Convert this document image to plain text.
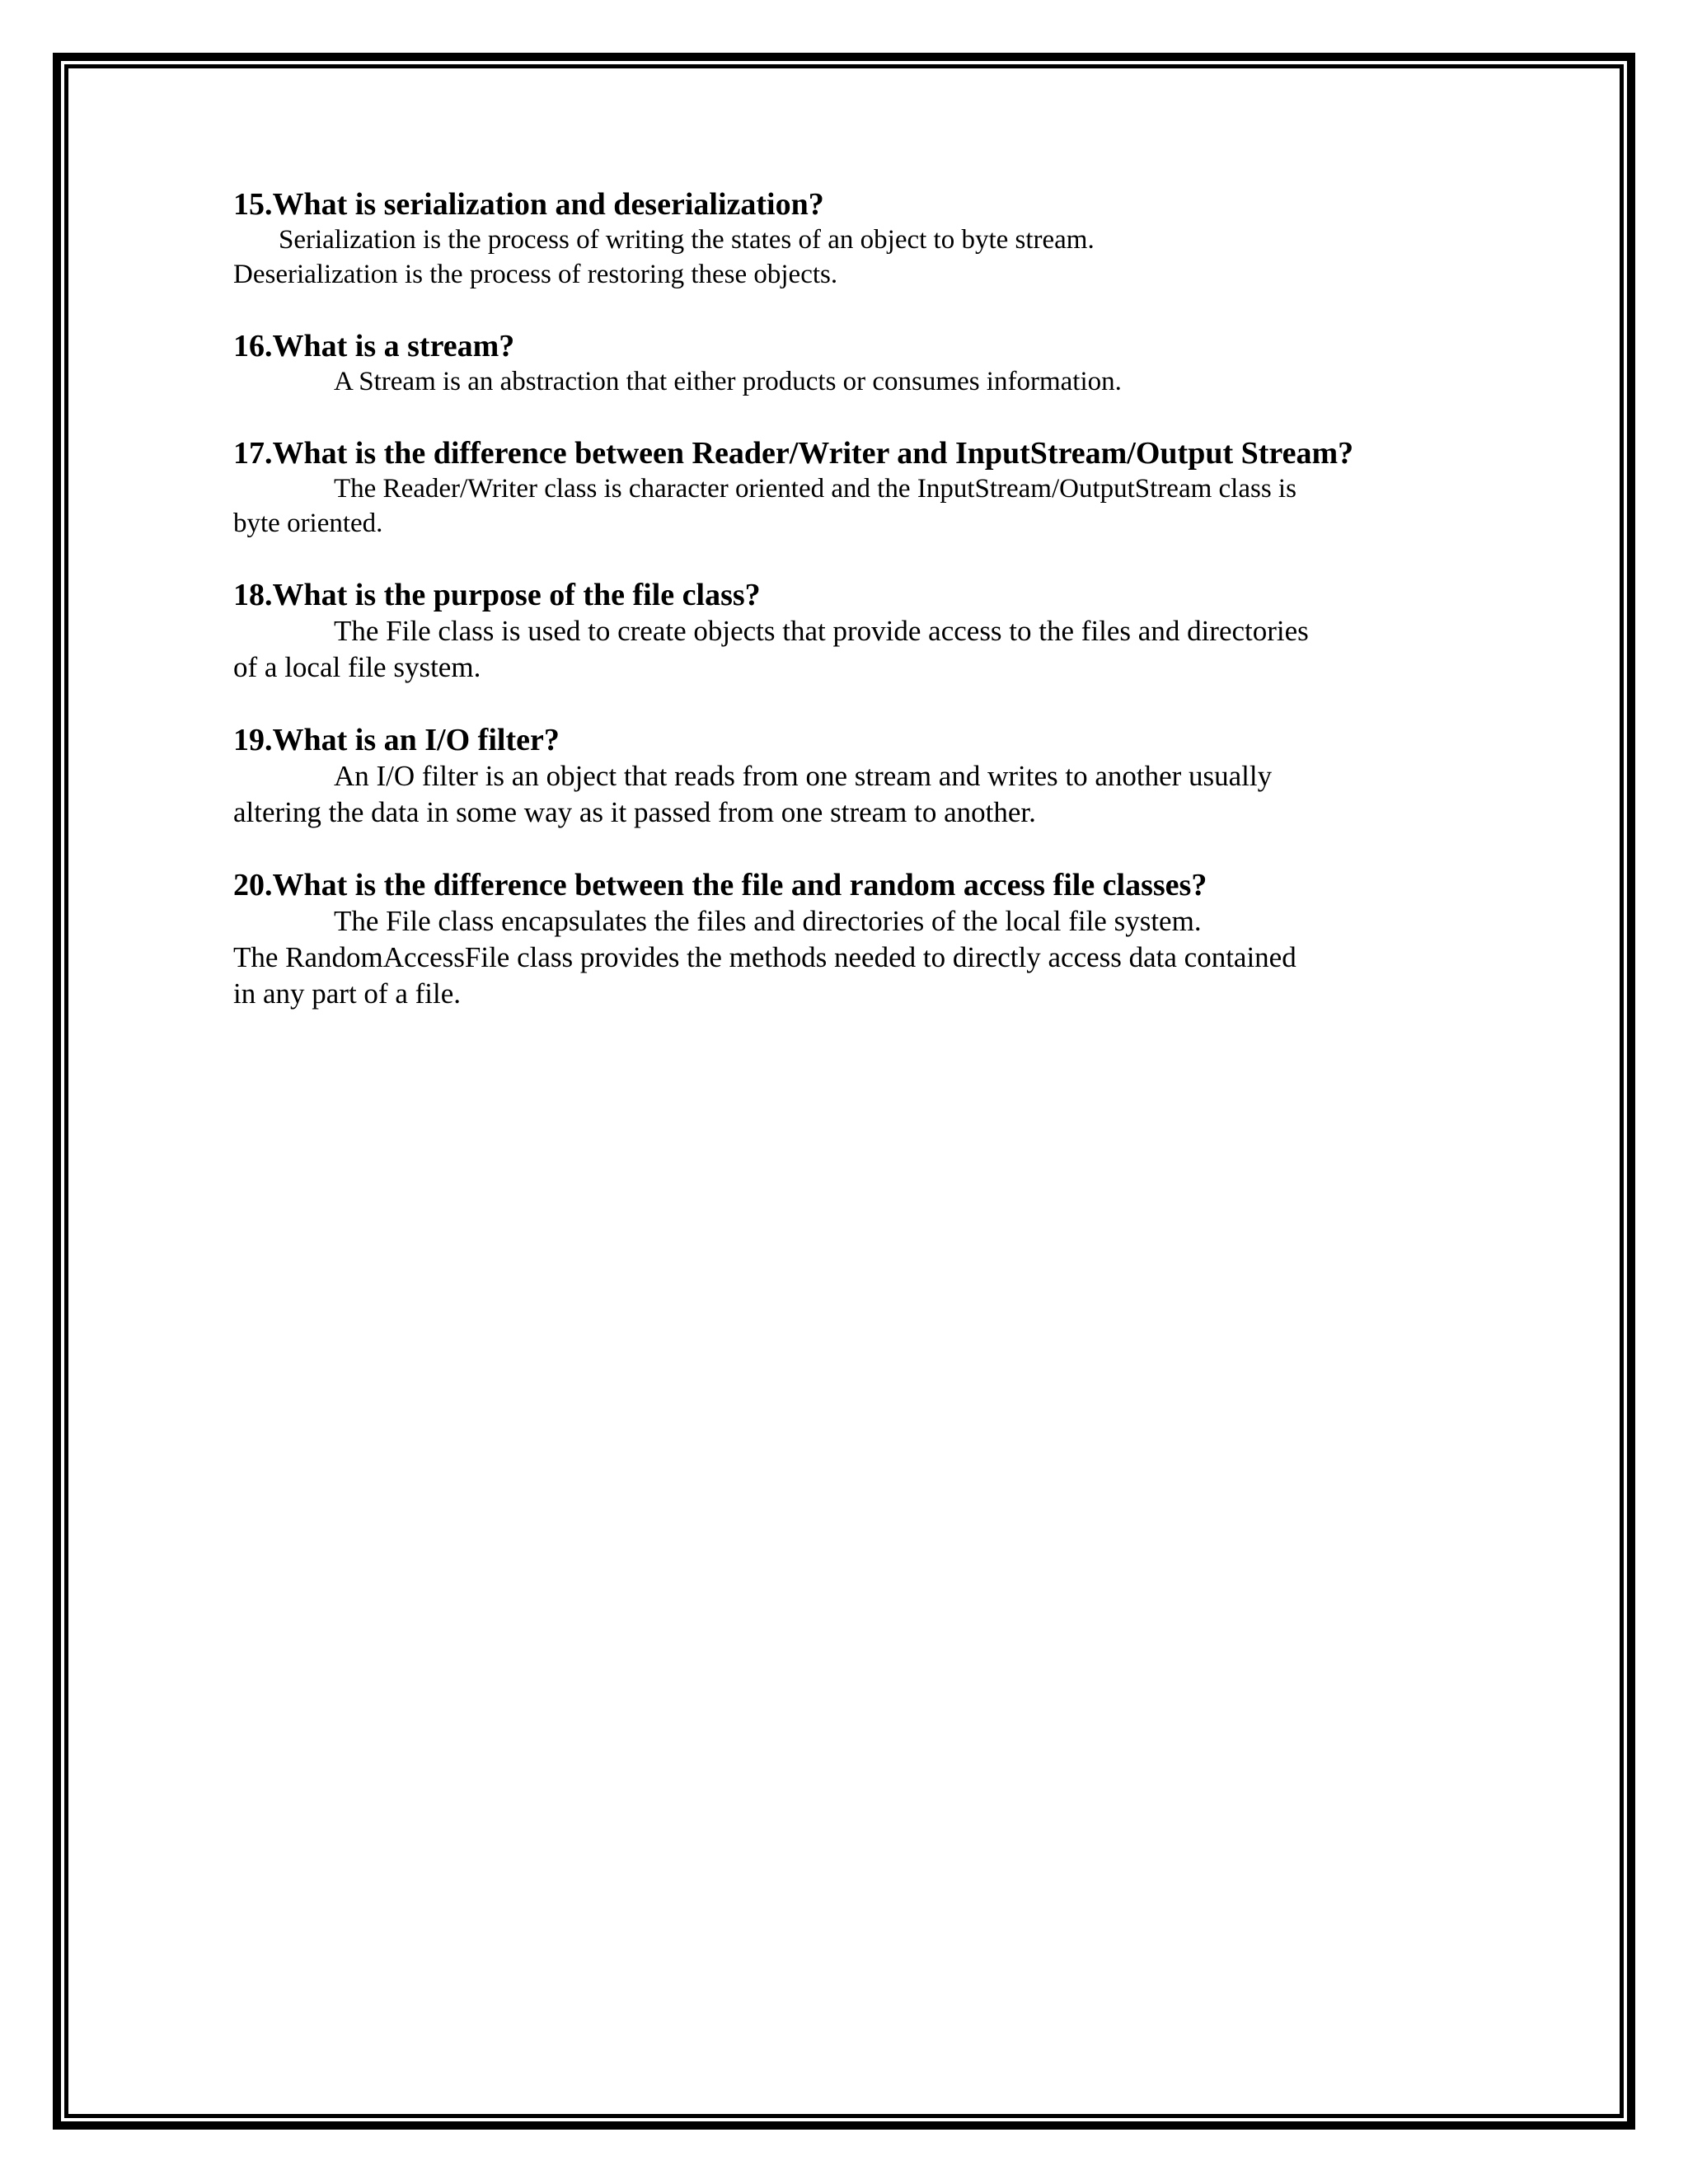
15.What is serialization and deserialization?

Serialization is the process of writing the states of an object to byte stream.

Deserialization is the process of restoring these objects.

16.What is a stream?

A Stream is an abstraction that either products or consumes information.

17.What is the difference between Reader/Writer and InputStream/Output Stream?

The Reader/Writer class is character oriented and the InputStream/OutputStream class is

byte oriented.

18.What is the purpose of the file class?

The File class is used to create objects that provide access to the files and directories

of a local file system.

19.What is an I/O filter?

An I/O filter is an object that reads from one stream and writes to another usually

altering the data in some way as it passed from one stream to another.

20.What is the difference between the file and random access file classes?

The File class encapsulates the files and directories of the local file system.

The RandomAccessFile class provides the methods needed to directly access data contained

in any part of a file.
